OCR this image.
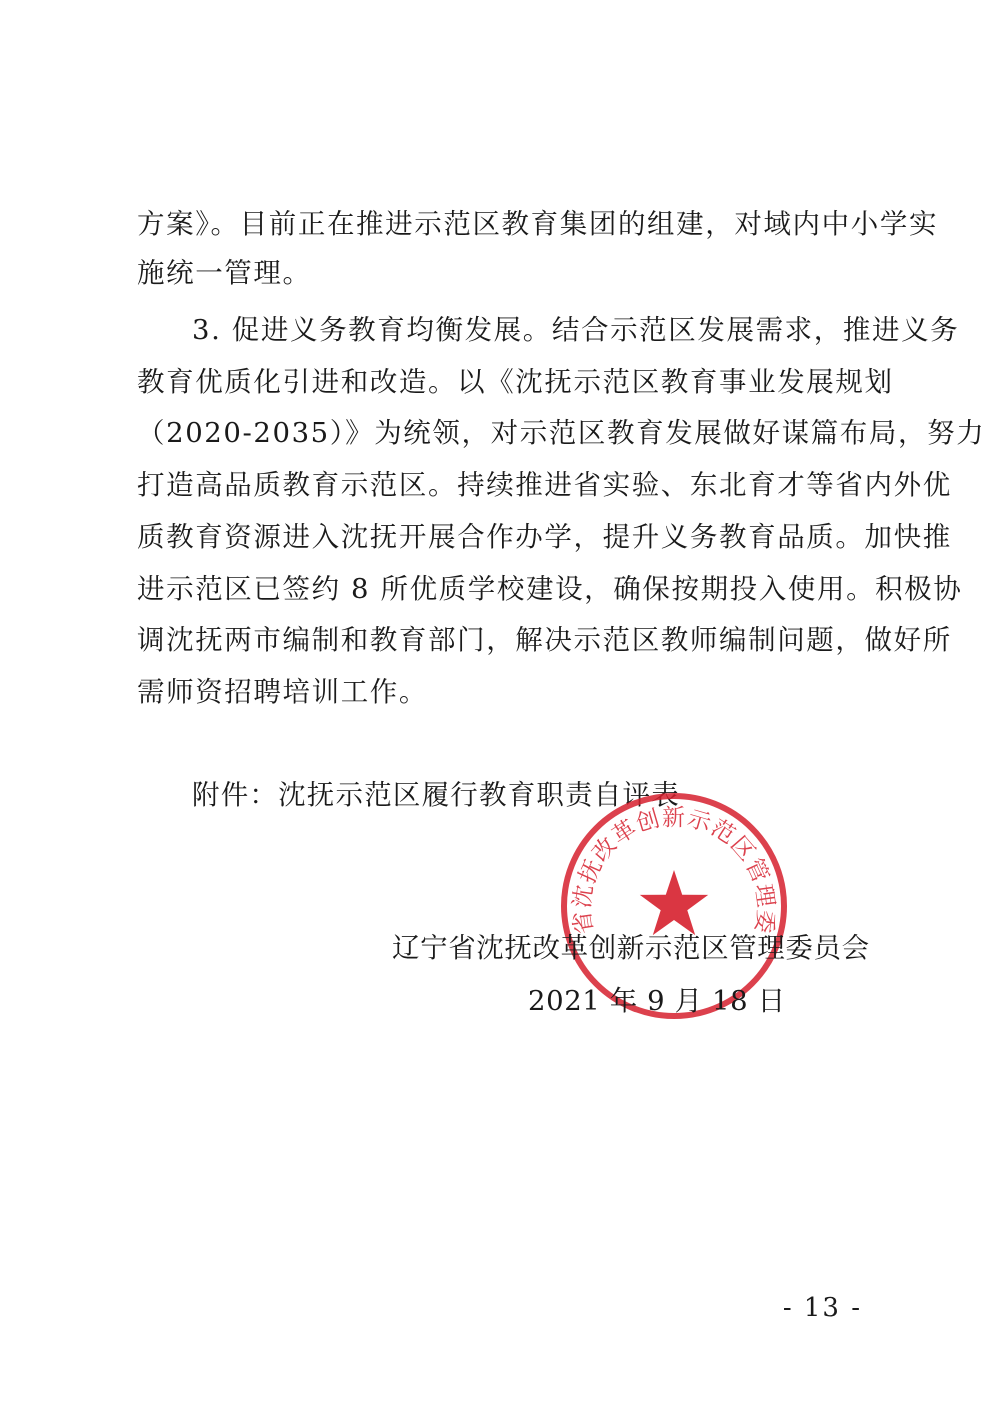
方案》。目前正在推进示范区教育集团的组建，对域内中小学实
施统一管理。
3. 促进义务教育均衡发展。结合示范区发展需求，推进义务
教育优质化引进和改造。以《沈抚示范区教育事业发展规划
（2020-2035）》为统领，对示范区教育发展做好谋篇布局，努力
打造高品质教育示范区。持续推进省实验、东北育才等省内外优
质教育资源进入沈抚开展合作办学，提升义务教育品质。加快推
进示范区已签约 8 所优质学校建设，确保按期投入使用。积极协
调沈抚两市编制和教育部门，解决示范区教师编制问题，做好所
需师资招聘培训工作。
附件：沈抚示范区履行教育职责自评表
省沈抚改革创新示范区管理委
辽宁省沈抚改革创新示范区管理委员会
2021 年 9 月 18 日
- 13 -
